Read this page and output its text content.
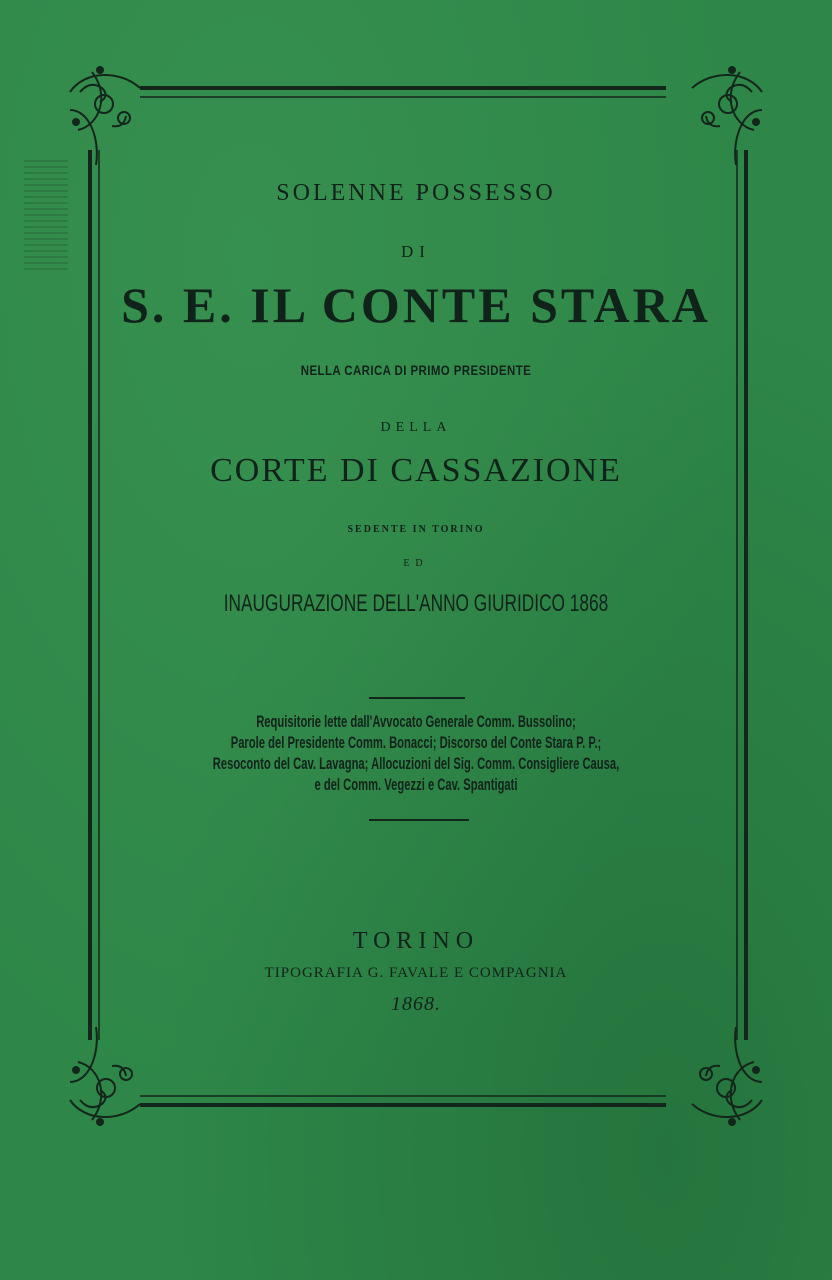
SOLENNE POSSESSO
DI
S. E. IL CONTE STARA
NELLA CARICA DI PRIMO PRESIDENTE
DELLA
CORTE DI CASSAZIONE
SEDENTE IN TORINO
ED
INAUGURAZIONE DELL'ANNO GIURIDICO 1868
Requisitorie lette dall'Avvocato Generale Comm. Bussolino;
Parole del Presidente Comm. Bonacci; Discorso del Conte Stara P. P.;
Resoconto del Cav. Lavagna; Allocuzioni del Sig. Comm. Consigliere Causa,
e del Comm. Vegezzi e Cav. Spantigati
TORINO
TIPOGRAFIA G. FAVALE E COMPAGNIA
1868.
